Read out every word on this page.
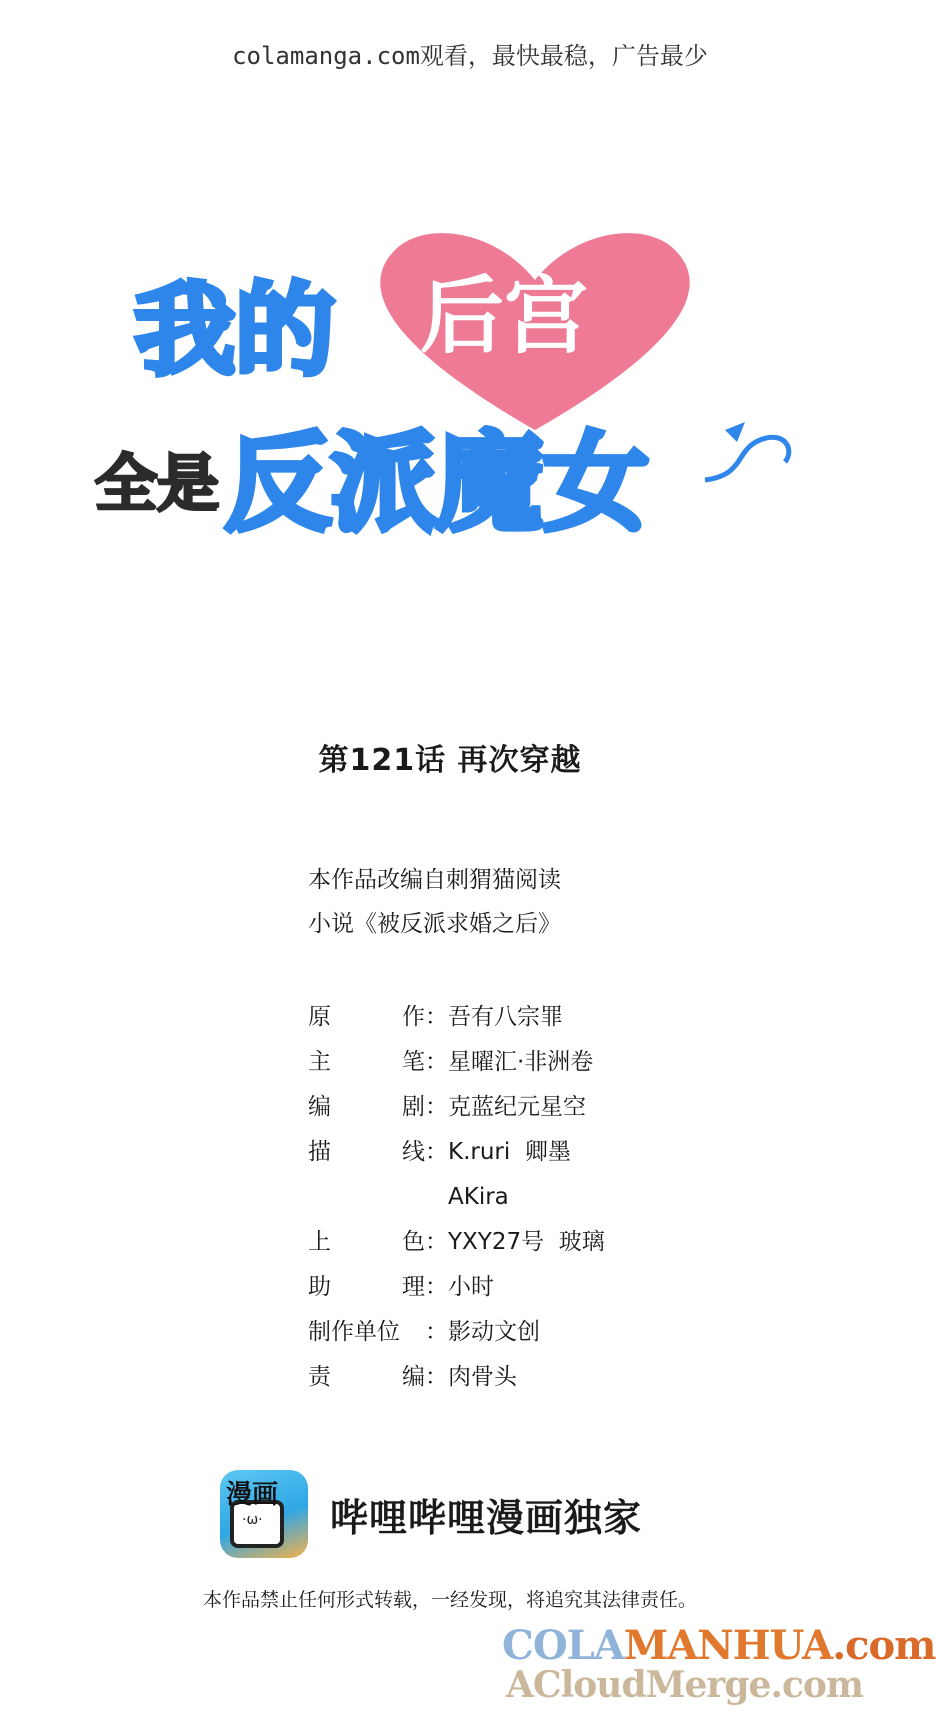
colamanga.com观看，最快最稳，广告最少
我的 后宫
全是 反派魔女
第121话 再次穿越
本作品改编自刺猬猫阅读
小说《被反派求婚之后》
原	作 ：	吾有八宗罪
主	笔 ：	星曜汇·非洲卷
编	剧 ：	克蓝纪元星空
描	线 ：	K.ruri  卿墨
AKira
上	色 ：	YXY27号  玻璃
助	理 ：	小时
制作单位
： 影动文创
责	编 ：	肉骨头
漫画
·ω· 哔哩哔哩漫画独家
本作品禁止任何形式转载，一经发现，将追究其法律责任。
COLAMANHUA.com
ACloudMerge.com
